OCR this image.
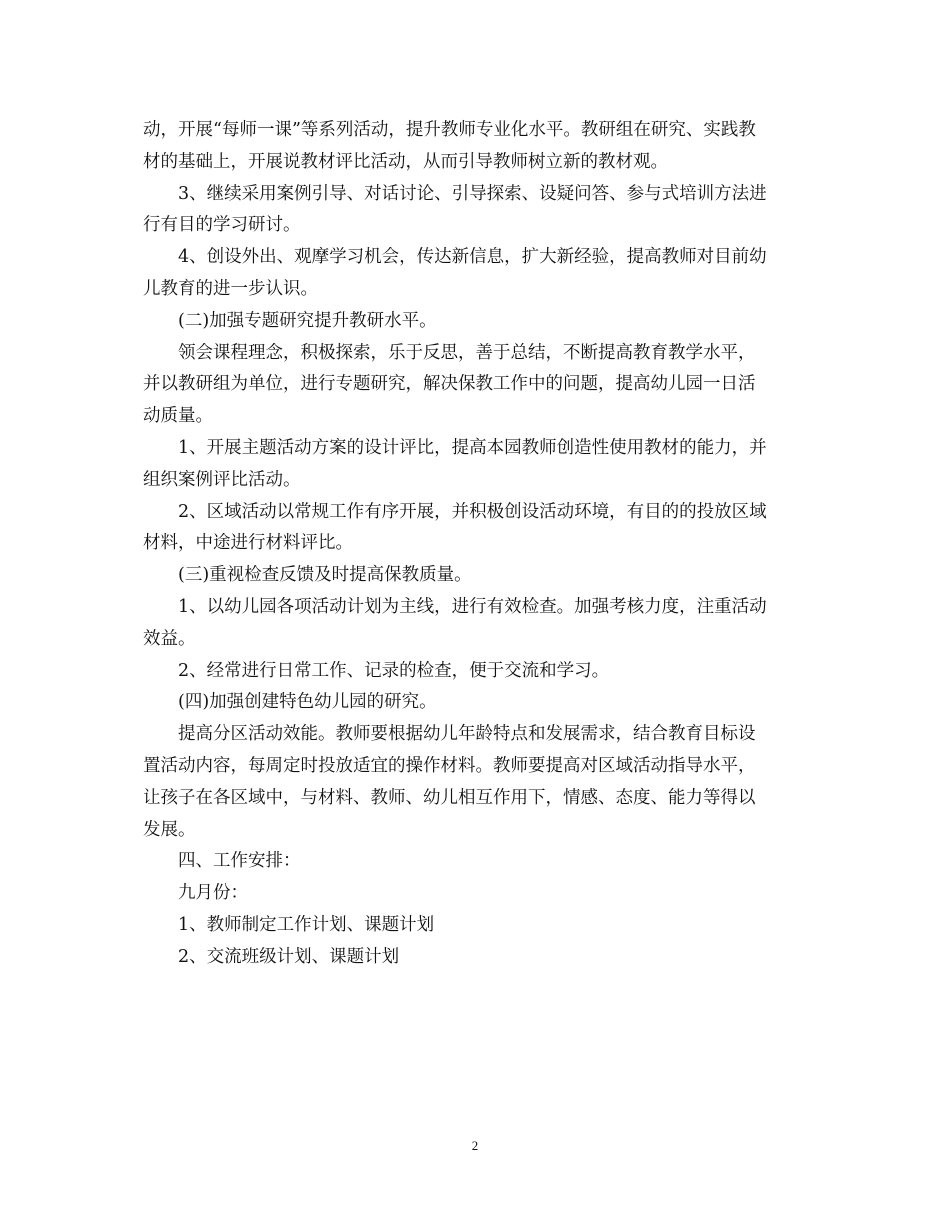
动，开展“每师一课”等系列活动，提升教师专业化水平。教研组在研究、实践教

材的基础上，开展说教材评比活动，从而引导教师树立新的教材观。

3、继续采用案例引导、对话讨论、引导探索、设疑问答、参与式培训方法进

行有目的学习研讨。

4、创设外出、观摩学习机会，传达新信息，扩大新经验，提高教师对目前幼

儿教育的进一步认识。

(二)加强专题研究提升教研水平。

领会课程理念，积极探索，乐于反思，善于总结，不断提高教育教学水平，

并以教研组为单位，进行专题研究，解决保教工作中的问题，提高幼儿园一日活

动质量。

1、开展主题活动方案的设计评比，提高本园教师创造性使用教材的能力，并

组织案例评比活动。

2、区域活动以常规工作有序开展，并积极创设活动环境，有目的的投放区域

材料，中途进行材料评比。

(三)重视检查反馈及时提高保教质量。

1、以幼儿园各项活动计划为主线，进行有效检查。加强考核力度，注重活动

效益。

2、经常进行日常工作、记录的检查，便于交流和学习。

(四)加强创建特色幼儿园的研究。

提高分区活动效能。教师要根据幼儿年龄特点和发展需求，结合教育目标设

置活动内容，每周定时投放适宜的操作材料。教师要提高对区域活动指导水平，

让孩子在各区域中，与材料、教师、幼儿相互作用下，情感、态度、能力等得以

发展。

四、工作安排：

九月份：

1、教师制定工作计划、课题计划

2、交流班级计划、课题计划

2
